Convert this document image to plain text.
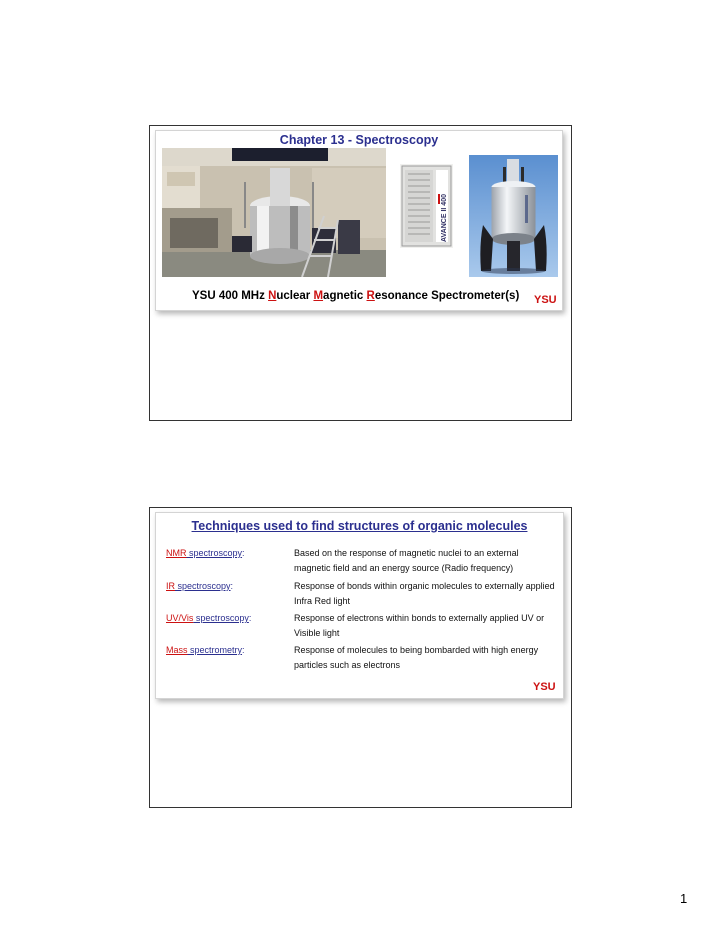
Chapter 13 - Spectroscopy
AVANCE II 400
YSU 400 MHz Nuclear Magnetic Resonance Spectrometer(s) YSU
Techniques used to find structures of organic molecules
NMR spectroscopy:	Based on the response of magnetic nuclei to an external magnetic field and an energy source (Radio frequency)
IR spectroscopy:	Response of bonds within organic molecules to externally applied Infra Red light
UV/Vis spectroscopy:	Response of electrons within bonds to externally applied UV or Visible light
Mass spectrometry:	Response of molecules to being bombarded with high energy particles such as electrons
YSU
1
